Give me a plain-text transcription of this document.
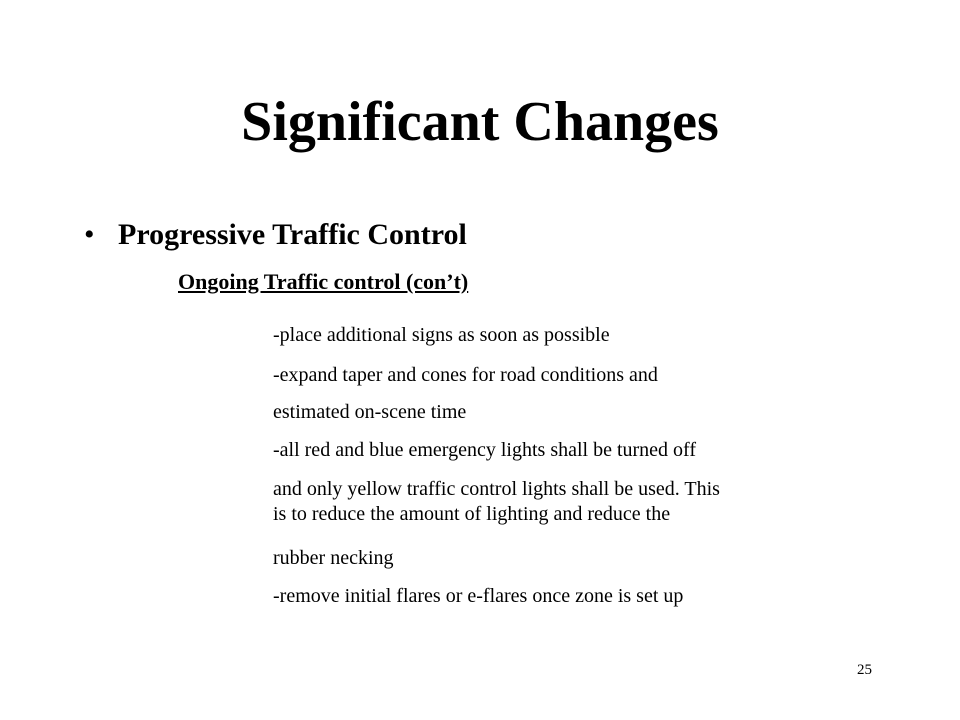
Significant Changes
• Progressive Traffic Control
Ongoing Traffic control (con’t)
-place additional signs as soon as possible
-expand taper and cones for road conditions and
estimated on-scene time
-all red and blue emergency lights shall be turned off
and only yellow traffic control lights shall be used. This
is to reduce the amount of lighting and reduce the
rubber necking
-remove initial flares or e-flares once zone is set up
25
